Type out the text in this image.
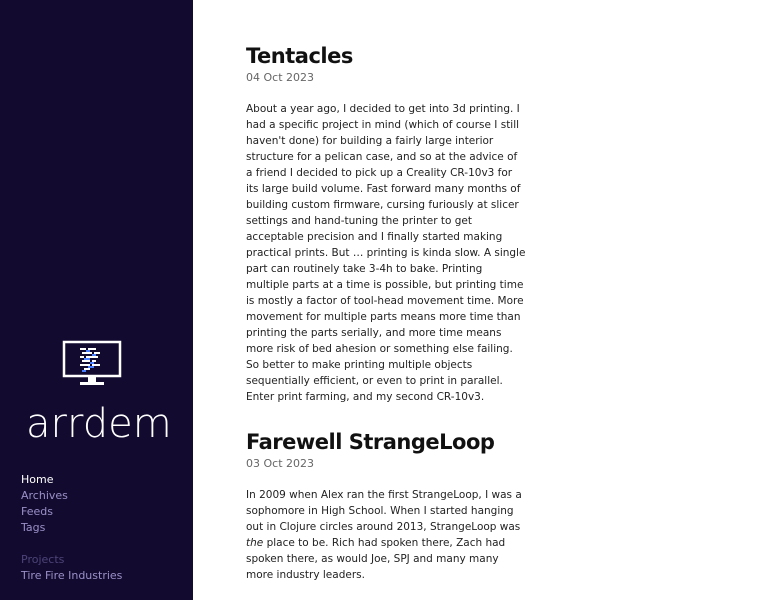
arrdem
Home
Archives
Feeds
Tags
Projects
Tire Fire Industries
Tentacles
04 Oct 2023

About a year ago, I decided to get into 3d printing. I had a specific project in mind (which of course I still haven't done) for building a fairly large interior structure for a pelican case, and so at the advice of a friend I decided to pick up a Creality CR-10v3 for its large build volume. Fast forward many months of building custom firmware, cursing furiously at slicer settings and hand-tuning the printer to get acceptable precision and I finally started making practical prints. But … printing is kinda slow. A single part can routinely take 3-4h to bake. Printing multiple parts at a time is possible, but printing time is mostly a factor of tool-head movement time. More movement for multiple parts means more time than printing the parts serially, and more time means more risk of bed ahesion or something else failing. So better to make printing multiple objects sequentially efficient, or even to print in parallel. Enter print farming, and my second CR-10v3.

Farewell StrangeLoop
03 Oct 2023

In 2009 when Alex ran the first StrangeLoop, I was a sophomore in High School. When I started hanging out in Clojure circles around 2013, StrangeLoop was the place to be. Rich had spoken there, Zach had spoken there, as would Joe, SPJ and many many more industry leaders.
